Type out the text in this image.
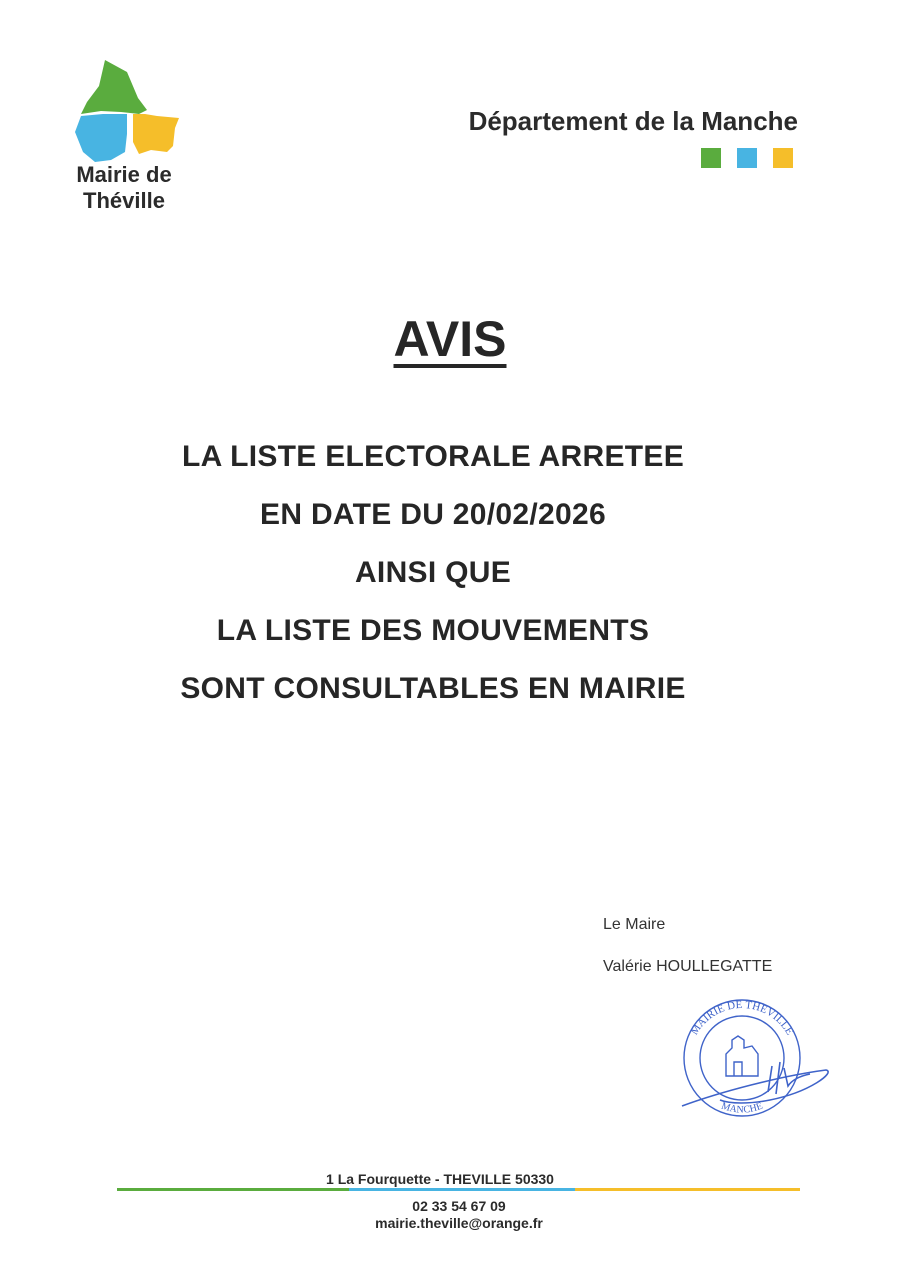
Mairie de
Théville
Département de la Manche
AVIS
LA LISTE ELECTORALE ARRETEE
EN DATE DU 20/02/2026
AINSI QUE
LA LISTE DES MOUVEMENTS
SONT CONSULTABLES EN MAIRIE
Le Maire
Valérie HOULLEGATTE
MAIRIE DE THEVILLE
MANCHE
1 La Fourquette - THEVILLE 50330
02 33 54 67 09
mairie.theville@orange.fr
